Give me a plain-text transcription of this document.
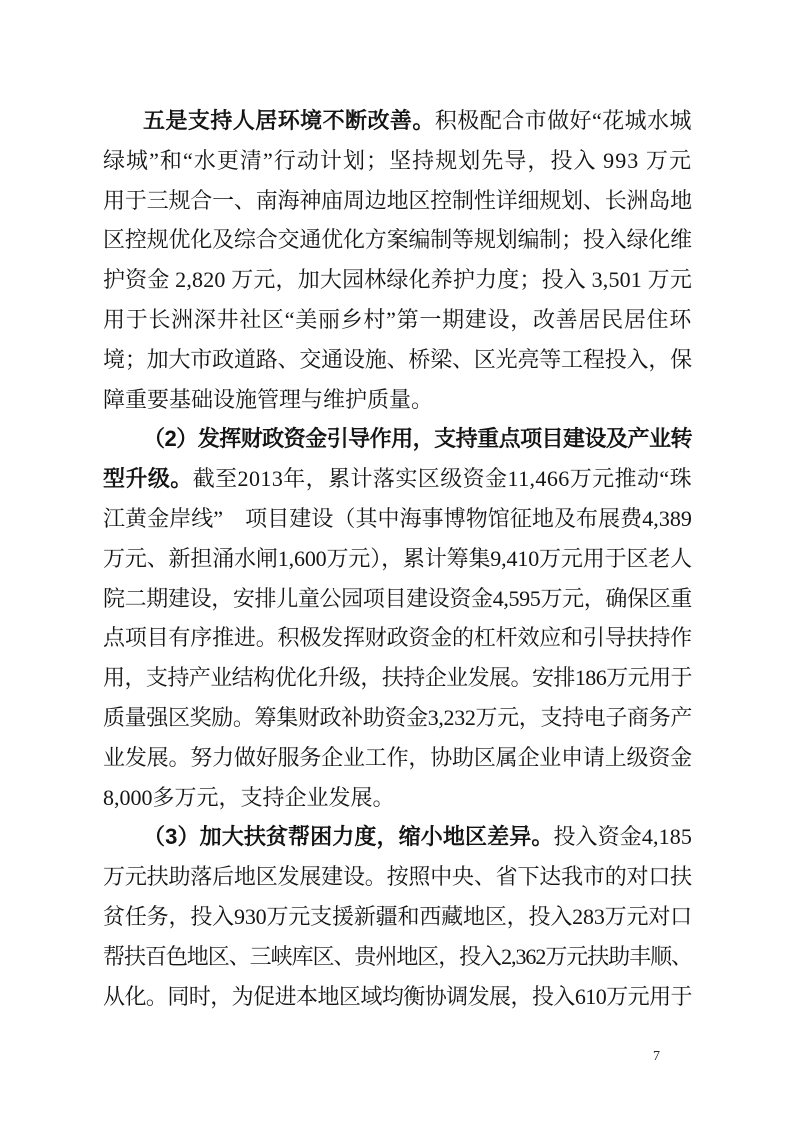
五是支持人居环境不断改善。积极配合市做好“花城水城
绿城”和“水更清”行动计划；坚持规划先导，投入 993 万元
用于三规合一、南海神庙周边地区控制性详细规划、长洲岛地
区控规优化及综合交通优化方案编制等规划编制；投入绿化维
护资金 2,820 万元，加大园林绿化养护力度；投入 3,501 万元
用于长洲深井社区“美丽乡村”第一期建设，改善居民居住环
境；加大市政道路、交通设施、桥梁、区光亮等工程投入，保
障重要基础设施管理与维护质量。
（2）发挥财政资金引导作用，支持重点项目建设及产业转
型升级。截至2013年，累计落实区级资金11,466万元推动“珠
江黄金岸线”　项目建设（其中海事博物馆征地及布展费4,389
万元、新担涌水闸1,600万元），累计筹集9,410万元用于区老人
院二期建设，安排儿童公园项目建设资金4,595万元，确保区重
点项目有序推进。积极发挥财政资金的杠杆效应和引导扶持作
用，支持产业结构优化升级，扶持企业发展。安排186万元用于
质量强区奖励。筹集财政补助资金3,232万元，支持电子商务产
业发展。努力做好服务企业工作，协助区属企业申请上级资金
8,000多万元，支持企业发展。
（3）加大扶贫帮困力度，缩小地区差异。投入资金4,185
万元扶助落后地区发展建设。按照中央、省下达我市的对口扶
贫任务，投入930万元支援新疆和西藏地区，投入283万元对口
帮扶百色地区、三峡库区、贵州地区，投入2,362万元扶助丰顺、
从化。同时，为促进本地区域均衡协调发展，投入610万元用于
7
